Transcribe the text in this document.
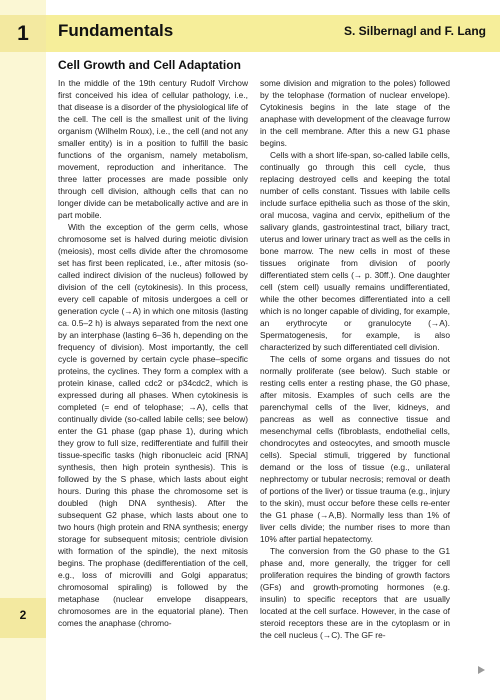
1	Fundamentals	S. Silbernagl and F. Lang
Cell Growth and Cell Adaptation

In the middle of the 19th century Rudolf Virchow first conceived his idea of cellular pathology, i.e., that disease is a disorder of the physiological life of the cell. The cell is the smallest unit of the living organism (Wilhelm Roux), i.e., the cell (and not any smaller entity) is in a position to fulfill the basic functions of the organism, namely metabolism, movement, reproduction and inheritance. The three latter processes are made possible only through cell division, although cells that can no longer divide can be metabolically active and are in part mobile.

With the exception of the germ cells, whose chromosome set is halved during meiotic division (meiosis), most cells divide after the chromosome set has first been replicated, i.e., after mitosis (so-called indirect division of the nucleus) followed by division of the cell (cytokinesis). In this process, every cell capable of mitosis undergoes a cell or generation cycle (→A) in which one mitosis (lasting ca. 0.5–2 h) is always separated from the next one by an interphase (lasting 6–36 h, depending on the frequency of division). Most importantly, the cell cycle is governed by certain cycle phase–specific proteins, the cyclines. They form a complex with a protein kinase, called cdc2 or p34cdc2, which is expressed during all phases. When cytokinesis is completed (= end of telophase; →A), cells that continually divide (so-called labile cells; see below) enter the G1 phase (gap phase 1), during which they grow to full size, redifferentiate and fulfill their tissue-specific tasks (high ribonucleic acid [RNA] synthesis, then high protein synthesis). This is followed by the S phase, which lasts about eight hours. During this phase the chromosome set is doubled (high DNA synthesis). After the subsequent G2 phase, which lasts about one to two hours (high protein and RNA synthesis; energy storage for subsequent mitosis; centriole division with formation of the spindle), the next mitosis begins. The prophase (dedifferentiation of the cell, e.g., loss of microvilli and Golgi apparatus; chromosomal spiraling) is followed by the metaphase (nuclear envelope disappears, chromosomes are in the equatorial plane). Then comes the anaphase (chromo-

some division and migration to the poles) followed by the telophase (formation of nuclear envelope). Cytokinesis begins in the late stage of the anaphase with development of the cleavage furrow in the cell membrane. After this a new G1 phase begins.

Cells with a short life-span, so-called labile cells, continually go through this cell cycle, thus replacing destroyed cells and keeping the total number of cells constant. Tissues with labile cells include surface epithelia such as those of the skin, oral mucosa, vagina and cervix, epithelium of the salivary glands, gastrointestinal tract, biliary tract, uterus and lower urinary tract as well as the cells in bone marrow. The new cells in most of these tissues originate from division of poorly differentiated stem cells (→ p. 30ff.). One daughter cell (stem cell) usually remains undifferentiated, while the other becomes differentiated into a cell which is no longer capable of dividing, for example, an erythrocyte or granulocyte (→A). Spermatogenesis, for example, is also characterized by such differentiated cell division.

The cells of some organs and tissues do not normally proliferate (see below). Such stable or resting cells enter a resting phase, the G0 phase, after mitosis. Examples of such cells are the parenchymal cells of the liver, kidneys, and pancreas as well as connective tissue and mesenchymal cells (fibroblasts, endothelial cells, chondrocytes and osteocytes, and smooth muscle cells). Special stimuli, triggered by functional demand or the loss of tissue (e.g., unilateral nephrectomy or tubular necrosis; removal or death of portions of the liver) or tissue trauma (e.g., injury to the skin), must occur before these cells re-enter the G1 phase (→A,B). Normally less than 1% of liver cells divide; the number rises to more than 10% after partial hepatectomy.

The conversion from the G0 phase to the G1 phase and, more generally, the trigger for cell proliferation requires the binding of growth factors (GFs) and growth-promoting hormones (e.g. insulin) to specific receptors that are usually located at the cell surface. However, in the case of steroid receptors these are in the cytoplasm or in the cell nucleus (→C). The GF re-

2
